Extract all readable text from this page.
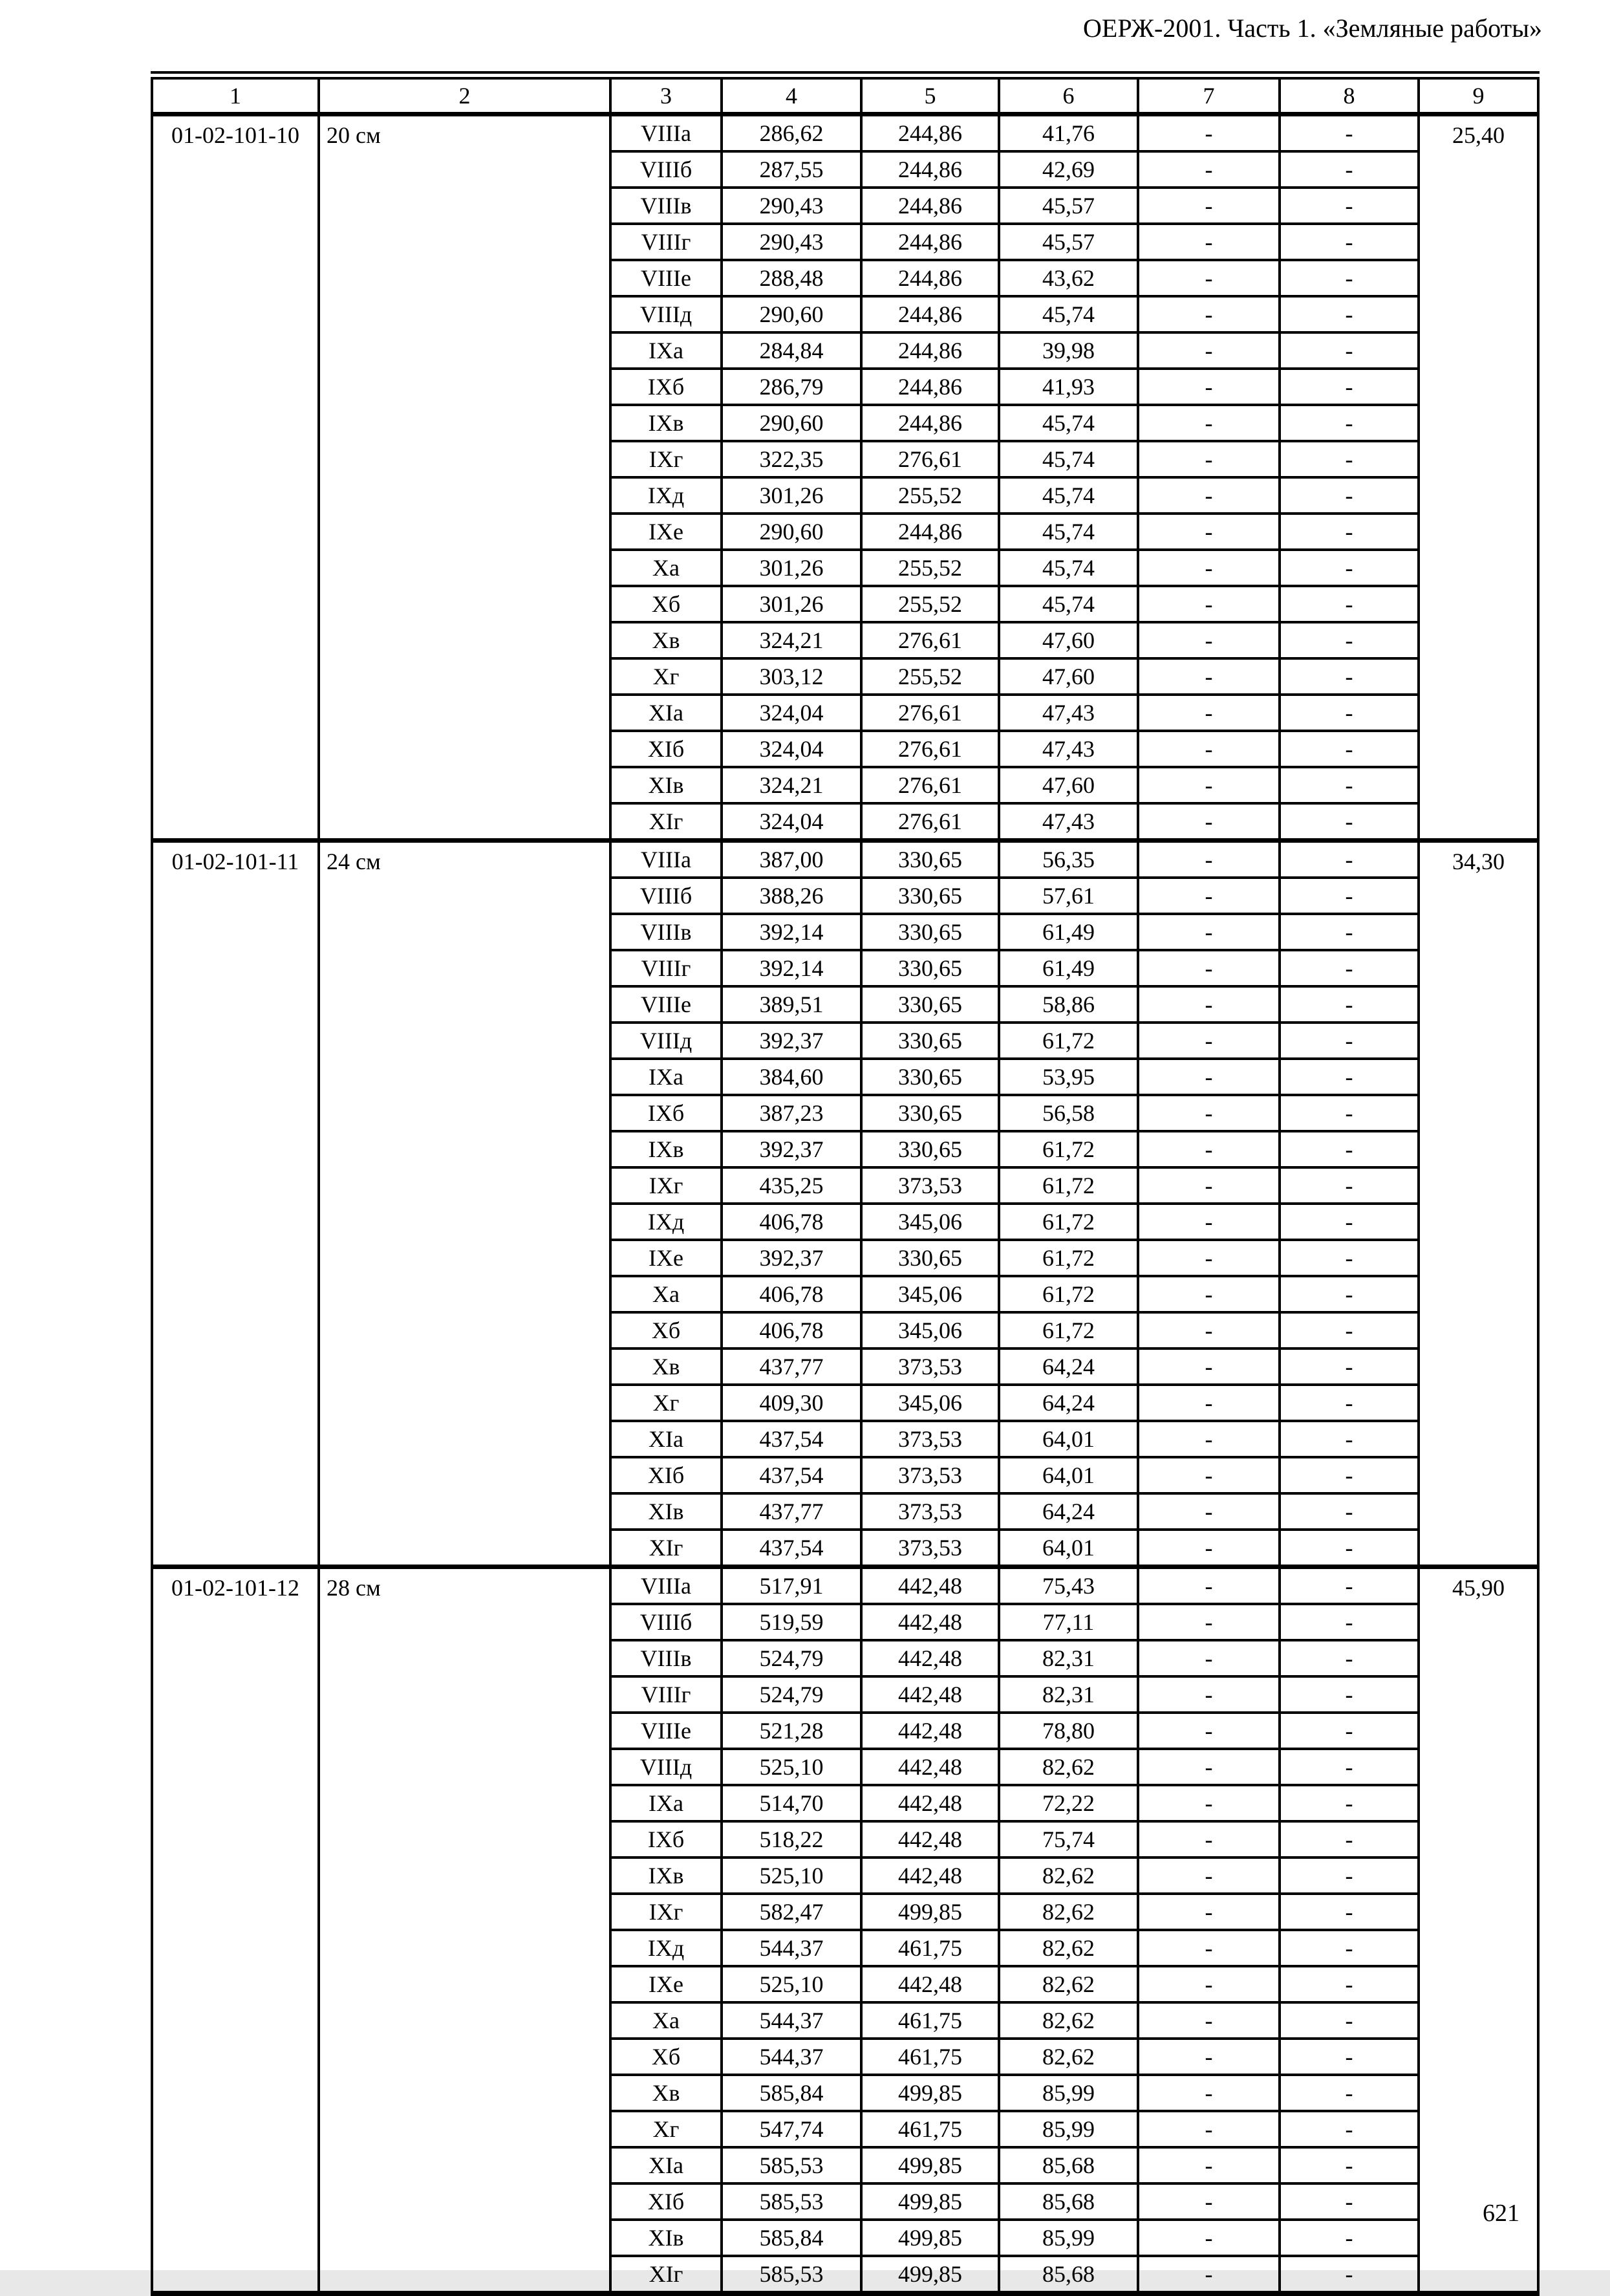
ОЕРЖ-2001. Часть 1. «Земляные работы»
1	2	3	4	5	6	7	8	9
01-02-101-10	20 см	VIIIа	286,62	244,86	41,76	-	-	25,40
		VIIIб	287,55	244,86	42,69	-	-	
		VIIIв	290,43	244,86	45,57	-	-	
		VIIIг	290,43	244,86	45,57	-	-	
		VIIIе	288,48	244,86	43,62	-	-	
		VIIIд	290,60	244,86	45,74	-	-	
		IXа	284,84	244,86	39,98	-	-	
		IXб	286,79	244,86	41,93	-	-	
		IXв	290,60	244,86	45,74	-	-	
		IXг	322,35	276,61	45,74	-	-	
		IXд	301,26	255,52	45,74	-	-	
		IXе	290,60	244,86	45,74	-	-	
		Xа	301,26	255,52	45,74	-	-	
		Xб	301,26	255,52	45,74	-	-	
		Xв	324,21	276,61	47,60	-	-	
		Xг	303,12	255,52	47,60	-	-	
		XIа	324,04	276,61	47,43	-	-	
		XIб	324,04	276,61	47,43	-	-	
		XIв	324,21	276,61	47,60	-	-	
		XIг	324,04	276,61	47,43	-	-	
01-02-101-11	24 см	VIIIа	387,00	330,65	56,35	-	-	34,30
		VIIIб	388,26	330,65	57,61	-	-	
		VIIIв	392,14	330,65	61,49	-	-	
		VIIIг	392,14	330,65	61,49	-	-	
		VIIIе	389,51	330,65	58,86	-	-	
		VIIIд	392,37	330,65	61,72	-	-	
		IXа	384,60	330,65	53,95	-	-	
		IXб	387,23	330,65	56,58	-	-	
		IXв	392,37	330,65	61,72	-	-	
		IXг	435,25	373,53	61,72	-	-	
		IXд	406,78	345,06	61,72	-	-	
		IXе	392,37	330,65	61,72	-	-	
		Xа	406,78	345,06	61,72	-	-	
		Xб	406,78	345,06	61,72	-	-	
		Xв	437,77	373,53	64,24	-	-	
		Xг	409,30	345,06	64,24	-	-	
		XIа	437,54	373,53	64,01	-	-	
		XIб	437,54	373,53	64,01	-	-	
		XIв	437,77	373,53	64,24	-	-	
		XIг	437,54	373,53	64,01	-	-	
01-02-101-12	28 см	VIIIа	517,91	442,48	75,43	-	-	45,90
		VIIIб	519,59	442,48	77,11	-	-	
		VIIIв	524,79	442,48	82,31	-	-	
		VIIIг	524,79	442,48	82,31	-	-	
		VIIIе	521,28	442,48	78,80	-	-	
		VIIIд	525,10	442,48	82,62	-	-	
		IXа	514,70	442,48	72,22	-	-	
		IXб	518,22	442,48	75,74	-	-	
		IXв	525,10	442,48	82,62	-	-	
		IXг	582,47	499,85	82,62	-	-	
		IXд	544,37	461,75	82,62	-	-	
		IXе	525,10	442,48	82,62	-	-	
		Xа	544,37	461,75	82,62	-	-	
		Xб	544,37	461,75	82,62	-	-	
		Xв	585,84	499,85	85,99	-	-	
		Xг	547,74	461,75	85,99	-	-	
		XIа	585,53	499,85	85,68	-	-	
		XIб	585,53	499,85	85,68	-	-	
		XIв	585,84	499,85	85,99	-	-	
		XIг	585,53	499,85	85,68	-	-	
621
